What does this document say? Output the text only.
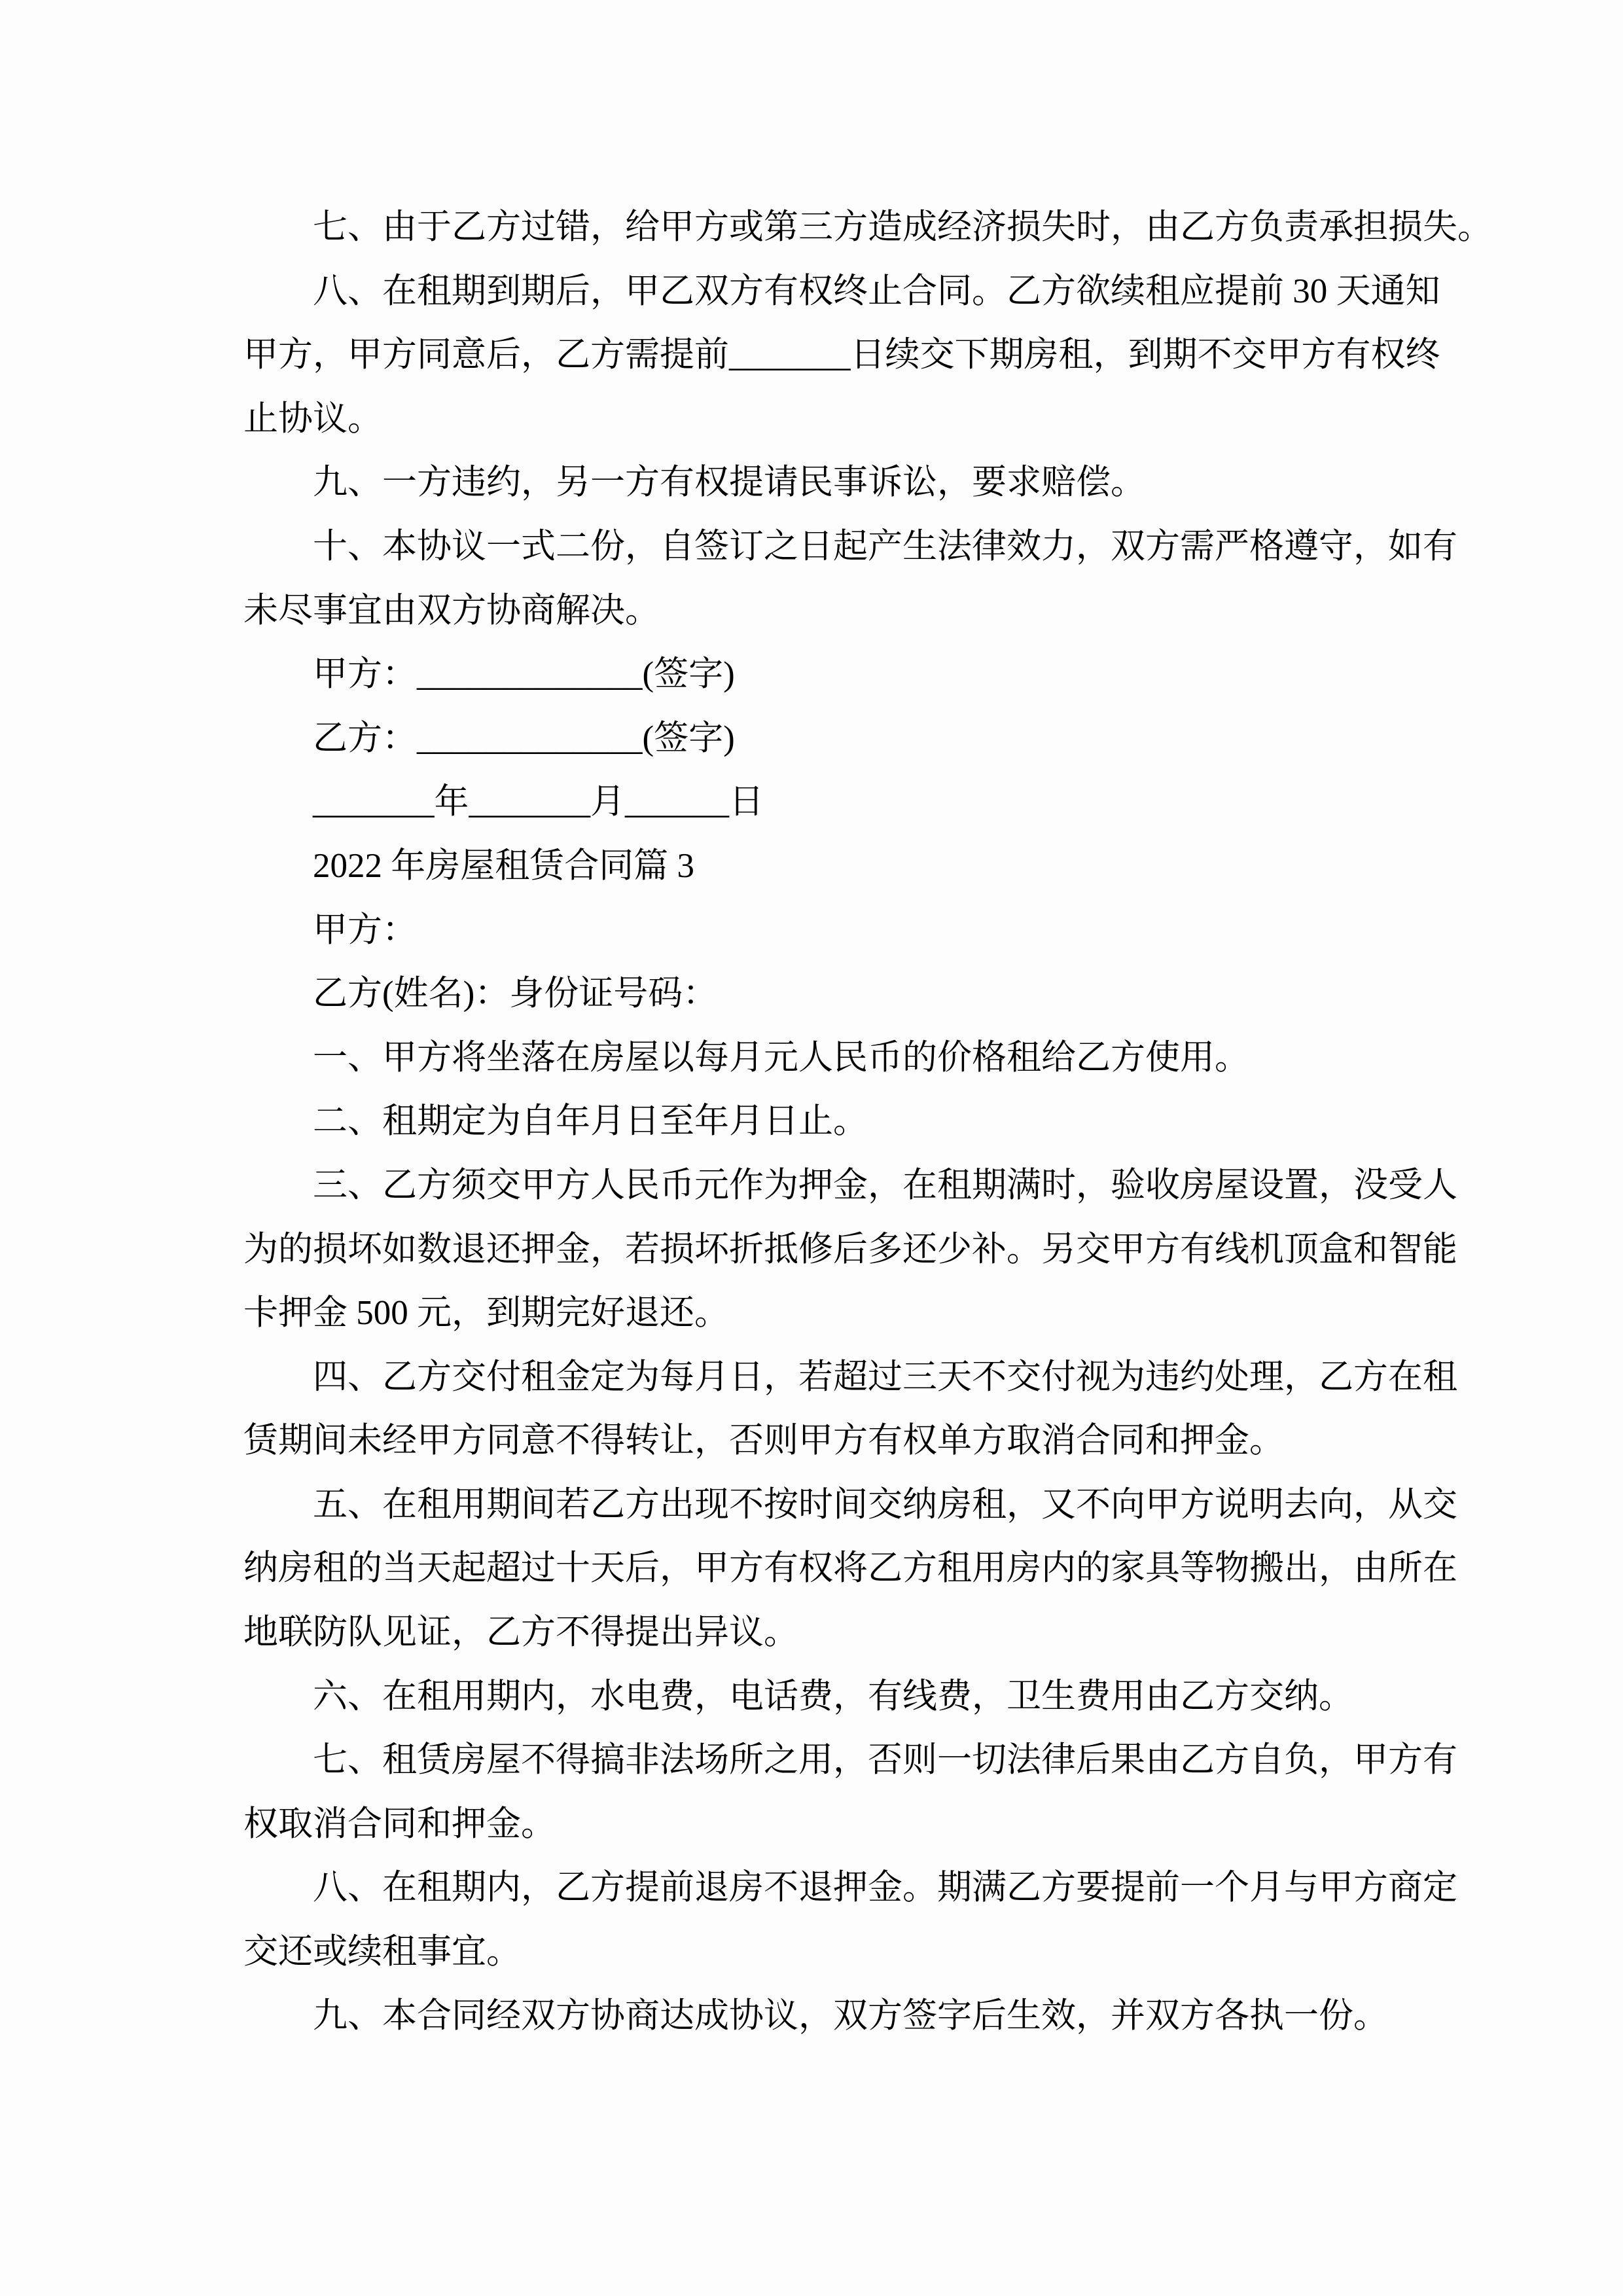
七、由于乙方过错，给甲方或第三方造成经济损失时，由乙方负责承担损失。

八、在租期到期后，甲乙双方有权终止合同。乙方欲续租应提前 30 天通知

甲方，甲方同意后，乙方需提前_______日续交下期房租，到期不交甲方有权终

止协议。

九、一方违约，另一方有权提请民事诉讼，要求赔偿。

十、本协议一式二份，自签订之日起产生法律效力，双方需严格遵守，如有

未尽事宜由双方协商解决。

甲方：_____________(签字)

乙方：_____________(签字)

_______年_______月______日

2022 年房屋租赁合同篇 3

甲方：

乙方(姓名)：身份证号码：

一、甲方将坐落在房屋以每月元人民币的价格租给乙方使用。

二、租期定为自年月日至年月日止。

三、乙方须交甲方人民币元作为押金，在租期满时，验收房屋设置，没受人

为的损坏如数退还押金，若损坏折抵修后多还少补。另交甲方有线机顶盒和智能

卡押金 500 元，到期完好退还。

四、乙方交付租金定为每月日，若超过三天不交付视为违约处理，乙方在租

赁期间未经甲方同意不得转让，否则甲方有权单方取消合同和押金。

五、在租用期间若乙方出现不按时间交纳房租，又不向甲方说明去向，从交

纳房租的当天起超过十天后，甲方有权将乙方租用房内的家具等物搬出，由所在

地联防队见证，乙方不得提出异议。

六、在租用期内，水电费，电话费，有线费，卫生费用由乙方交纳。

七、租赁房屋不得搞非法场所之用，否则一切法律后果由乙方自负，甲方有

权取消合同和押金。

八、在租期内，乙方提前退房不退押金。期满乙方要提前一个月与甲方商定

交还或续租事宜。

九、本合同经双方协商达成协议，双方签字后生效，并双方各执一份。
